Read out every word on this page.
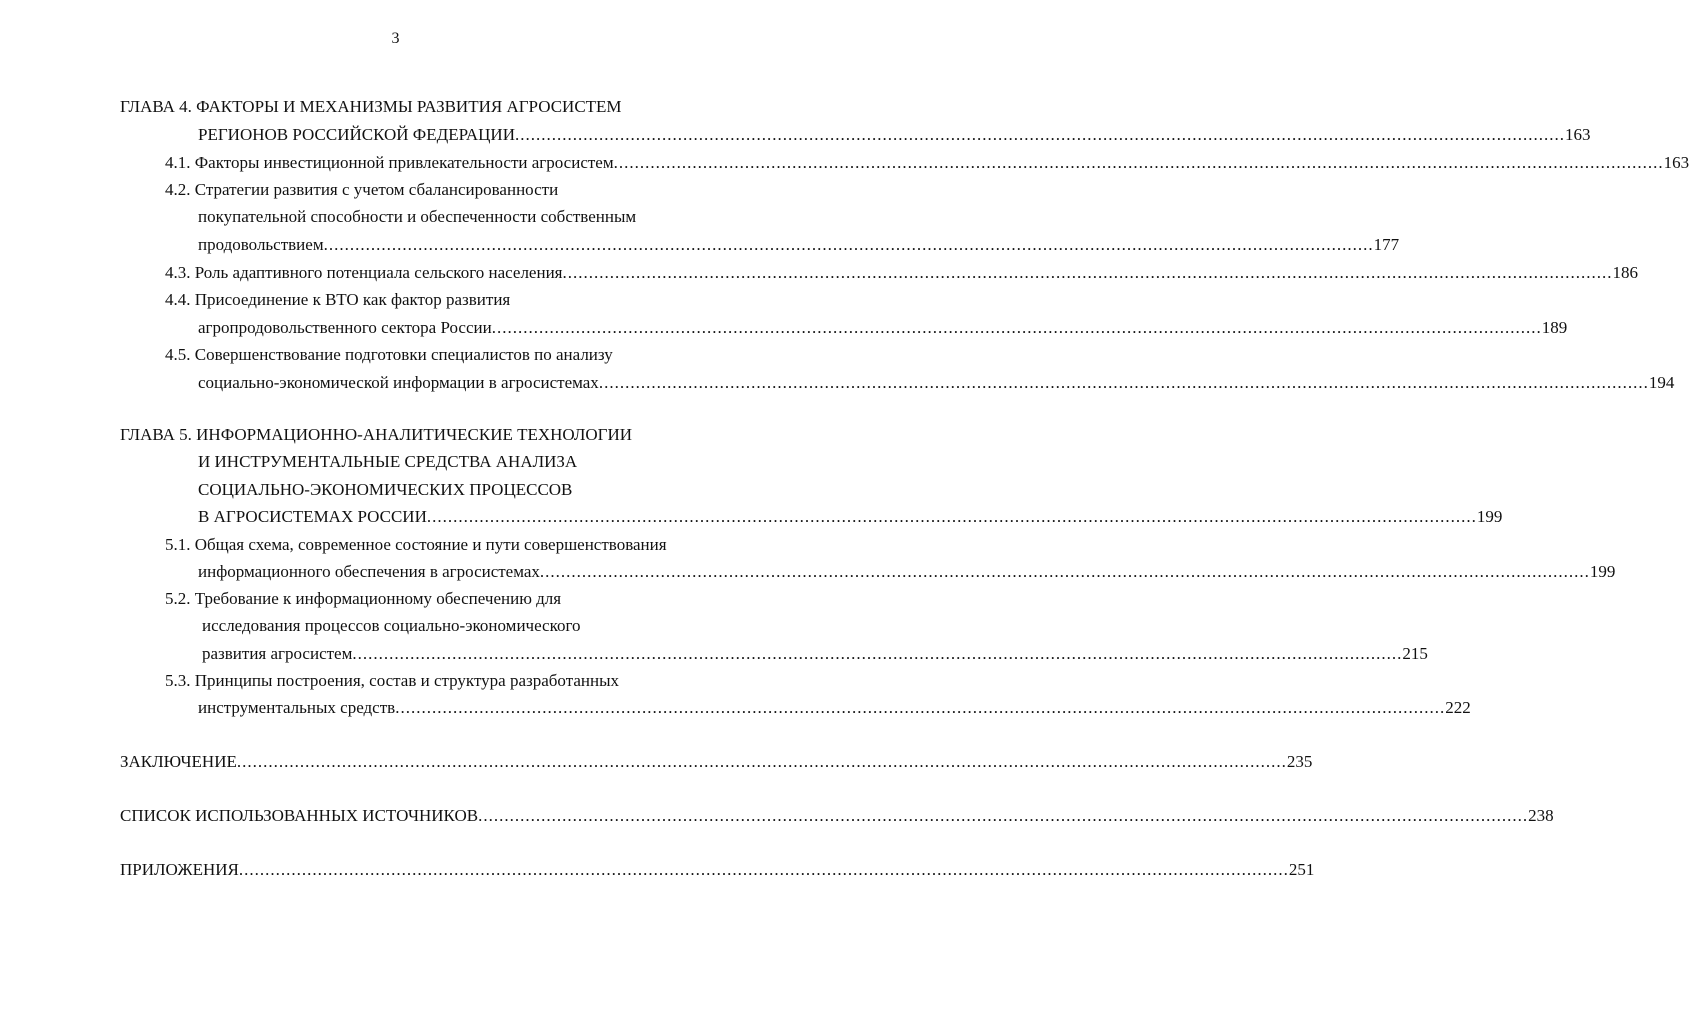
3
ГЛАВА 4. ФАКТОРЫ И МЕХАНИЗМЫ РАЗВИТИЯ АГРОСИСТЕМ
РЕГИОНОВ РОССИЙСКОЙ ФЕДЕРАЦИИ ........................................................................................................................................................................................................ 163
4.1. Факторы инвестиционной привлекательности агросистем ........................................................................................................................................................................................................ 163
4.2. Стратегии развития с учетом сбалансированности
покупательной способности и обеспеченности собственным
продовольствием ........................................................................................................................................................................................................ 177
4.3. Роль адаптивного потенциала сельского населения ........................................................................................................................................................................................................ 186
4.4. Присоединение к ВТО как фактор развития
агропродовольственного сектора России ........................................................................................................................................................................................................ 189
4.5. Совершенствование подготовки специалистов по анализу
социально-экономической информации в агросистемах ........................................................................................................................................................................................................ 194
ГЛАВА 5. ИНФОРМАЦИОННО-АНАЛИТИЧЕСКИЕ ТЕХНОЛОГИИ
И ИНСТРУМЕНТАЛЬНЫЕ СРЕДСТВА АНАЛИЗА
СОЦИАЛЬНО-ЭКОНОМИЧЕСКИХ ПРОЦЕССОВ
В АГРОСИСТЕМАХ РОССИИ ........................................................................................................................................................................................................ 199
5.1. Общая схема, современное состояние и пути совершенствования
информационного обеспечения в агросистемах ........................................................................................................................................................................................................ 199
5.2. Требование к информационному обеспечению для
исследования процессов социально-экономического
развития агросистем ........................................................................................................................................................................................................ 215
5.3. Принципы построения, состав и структура разработанных
инструментальных средств ........................................................................................................................................................................................................ 222
ЗАКЛЮЧЕНИЕ ........................................................................................................................................................................................................ 235
СПИСОК ИСПОЛЬЗОВАННЫХ ИСТОЧНИКОВ ........................................................................................................................................................................................................ 238
ПРИЛОЖЕНИЯ ........................................................................................................................................................................................................ 251
